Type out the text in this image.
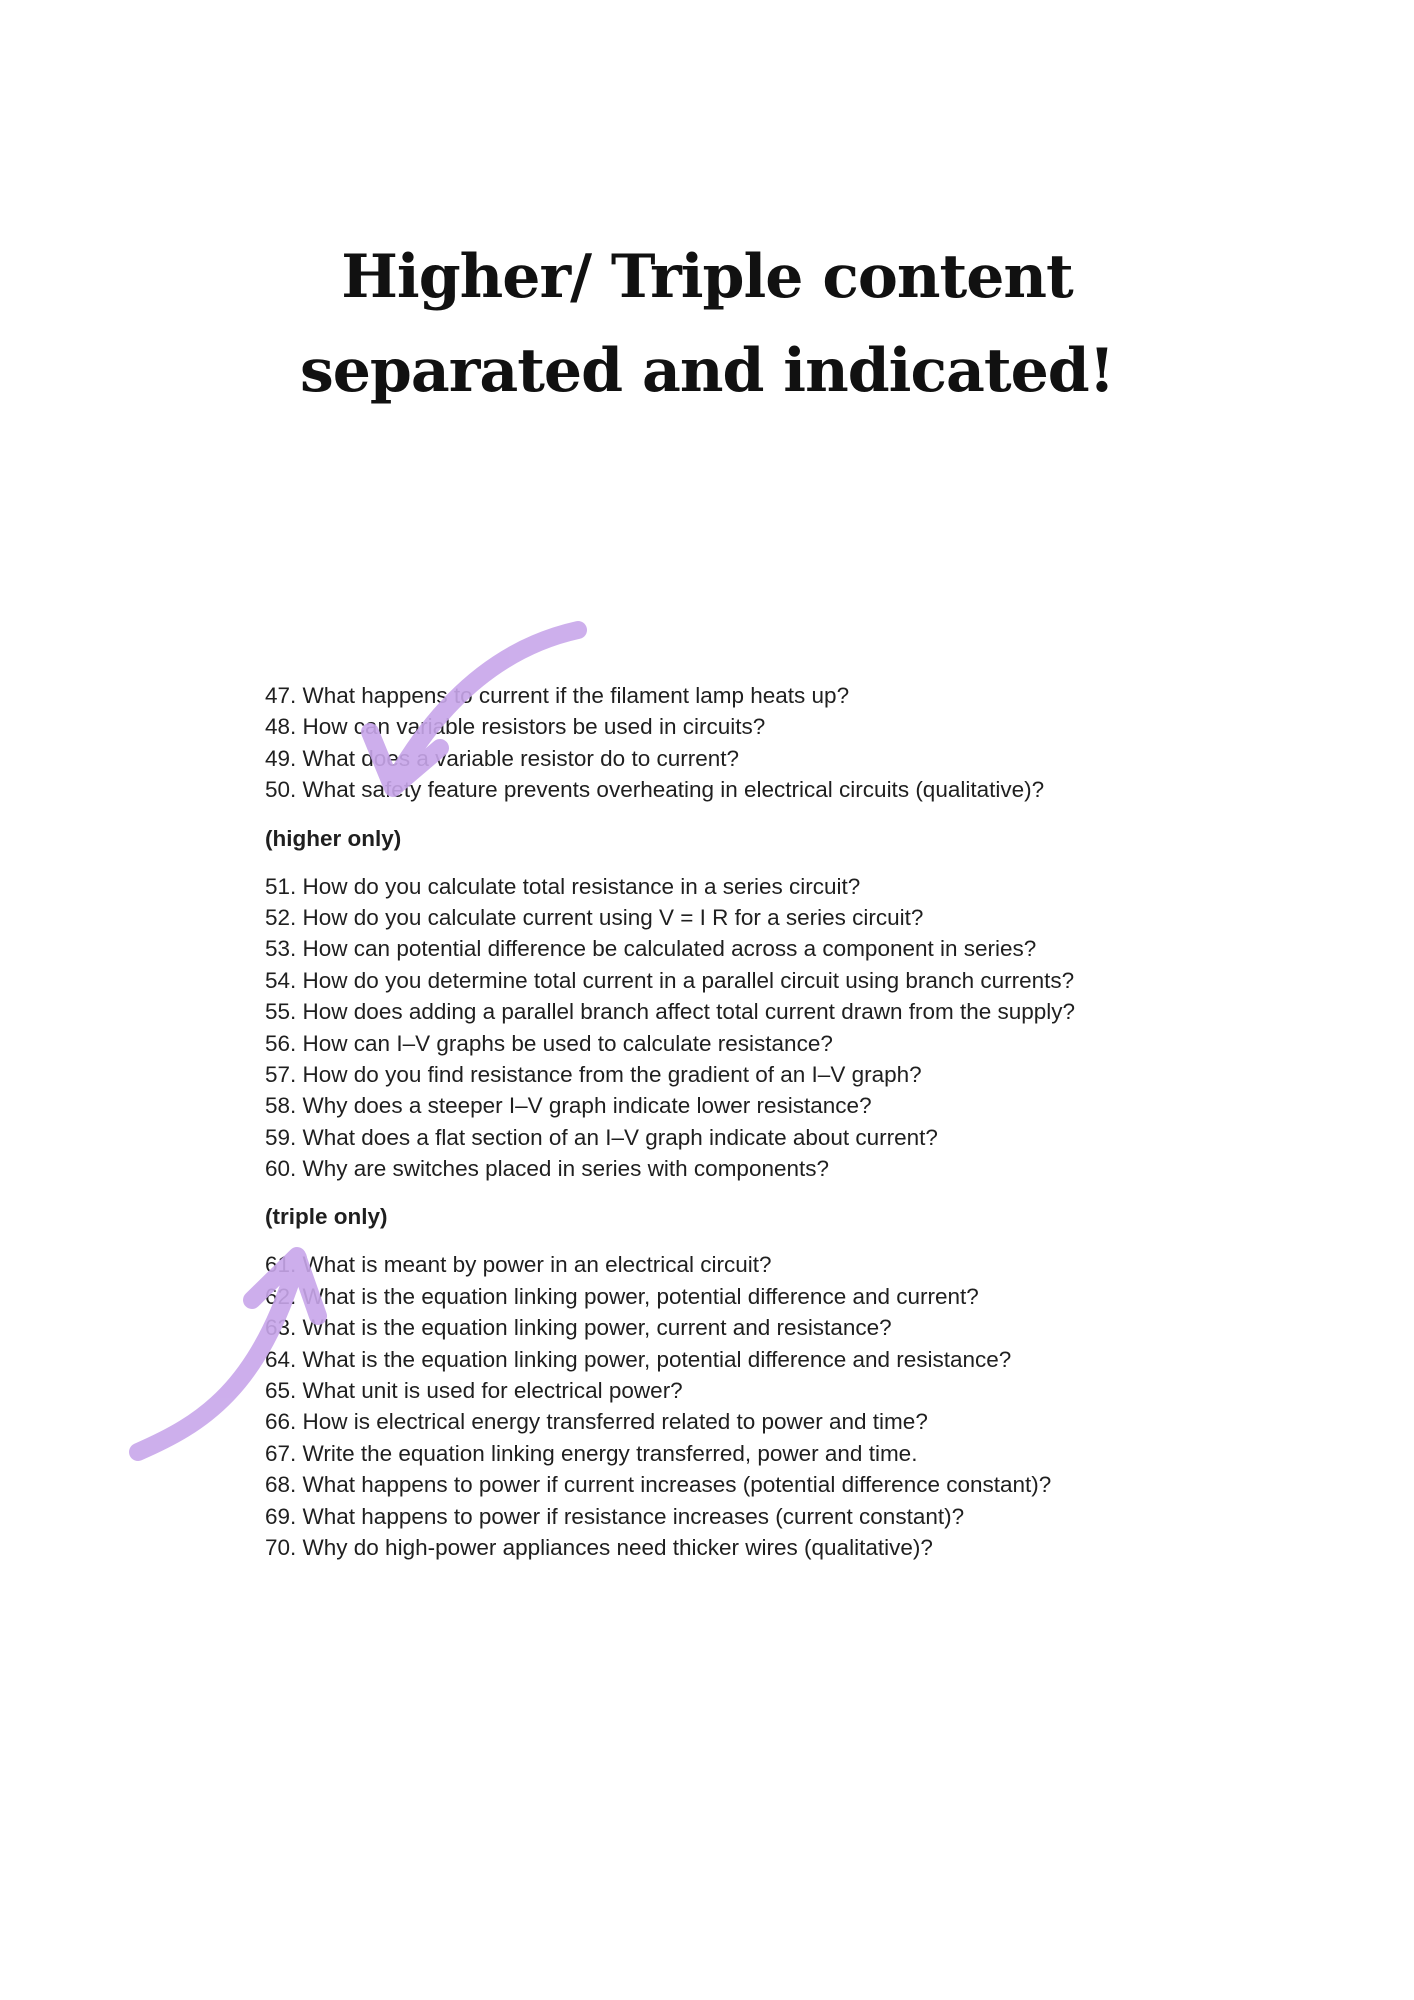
Higher/ Triple content
separated and indicated!
47. What happens to current if the filament lamp heats up?
48. How can variable resistors be used in circuits?
49. What does a variable resistor do to current?
50. What safety feature prevents overheating in electrical circuits (qualitative)?
(higher only)
51. How do you calculate total resistance in a series circuit?
52. How do you calculate current using V = I R for a series circuit?
53. How can potential difference be calculated across a component in series?
54. How do you determine total current in a parallel circuit using branch currents?
55. How does adding a parallel branch affect total current drawn from the supply?
56. How can I–V graphs be used to calculate resistance?
57. How do you find resistance from the gradient of an I–V graph?
58. Why does a steeper I–V graph indicate lower resistance?
59. What does a flat section of an I–V graph indicate about current?
60. Why are switches placed in series with components?
(triple only)
61. What is meant by power in an electrical circuit?
62. What is the equation linking power, potential difference and current?
63. What is the equation linking power, current and resistance?
64. What is the equation linking power, potential difference and resistance?
65. What unit is used for electrical power?
66. How is electrical energy transferred related to power and time?
67. Write the equation linking energy transferred, power and time.
68. What happens to power if current increases (potential difference constant)?
69. What happens to power if resistance increases (current constant)?
70. Why do high-power appliances need thicker wires (qualitative)?
